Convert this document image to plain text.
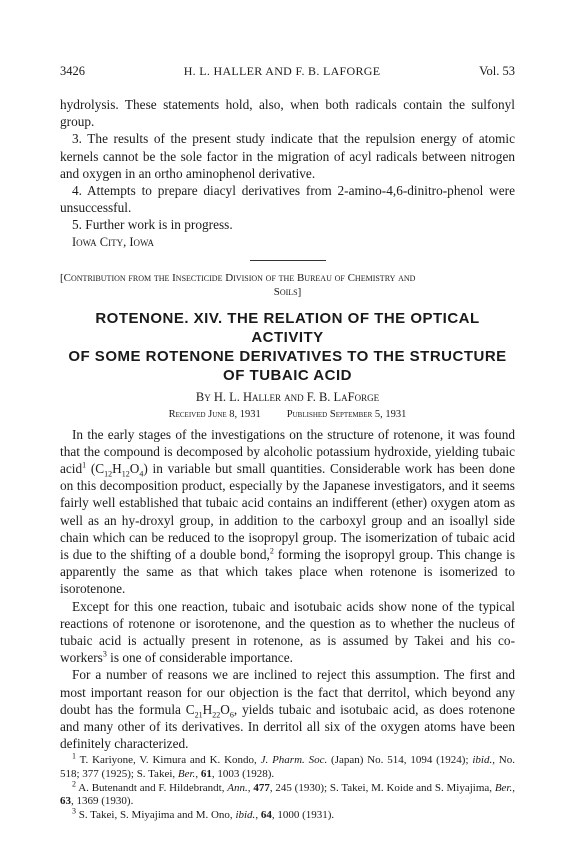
3426	H. L. HALLER AND F. B. LAFORGE	Vol. 53

hydrolysis. These statements hold, also, when both radicals contain the sulfonyl group.

3. The results of the present study indicate that the repulsion energy of atomic kernels cannot be the sole factor in the migration of acyl radicals between nitrogen and oxygen in an ortho aminophenol derivative.

4. Attempts to prepare diacyl derivatives from 2-amino-4,6-dinitro-phenol were unsuccessful.

5. Further work is in progress.

Iowa City, Iowa

[Contribution from the Insecticide Division of the Bureau of Chemistry and
Soils]

ROTENONE. XIV. THE RELATION OF THE OPTICAL ACTIVITY
OF SOME ROTENONE DERIVATIVES TO THE STRUCTURE
OF TUBAIC ACID
By H. L. Haller and F. B. LaForge
Received June 8, 1931 Published September 5, 1931

In the early stages of the investigations on the structure of rotenone, it was found that the compound is decomposed by alcoholic potassium hydroxide, yielding tubaic acid$^1$ $(C_{12}H_{12}O_4)$ in variable but small quantities. Considerable work has been done on this decomposition product, especially by the Japanese investigators, and it seems fairly well established that tubaic acid contains an indifferent (ether) oxygen atom as well as an hy-droxyl group, in addition to the carboxyl group and an isoallyl side chain which can be reduced to the isopropyl group. The isomerization of tubaic acid is due to the shifting of a double bond,$^2$ forming the isopropyl group. This change is apparently the same as that which takes place when rotenone is isomerized to isorotenone.

Except for this one reaction, tubaic and isotubaic acids show none of the typical reactions of rotenone or isorotenone, and the question as to whether the nucleus of tubaic acid is actually present in rotenone, as is assumed by Takei and his co-workers$^3$ is one of considerable importance.

For a number of reasons we are inclined to reject this assumption. The first and most important reason for our objection is the fact that derritol, which beyond any doubt has the formula $C_{21}H_{22}O_6$, yields tubaic and isotubaic acid, as does rotenone and many other of its derivatives. In derritol all six of the oxygen atoms have been definitely characterized.

$^1$ T. Kariyone, V. Kimura and K. Kondo, J. Pharm. Soc. (Japan) No. 514, 1094 (1924); ibid., No. 518; 377 (1925); S. Takei, Ber., 61, 1003 (1928).

$^2$ A. Butenandt and F. Hildebrandt, Ann., 477, 245 (1930); S. Takei, M. Koide and S. Miyajima, Ber., 63, 1369 (1930).

$^3$ S. Takei, S. Miyajima and M. Ono, ibid., 64, 1000 (1931).
